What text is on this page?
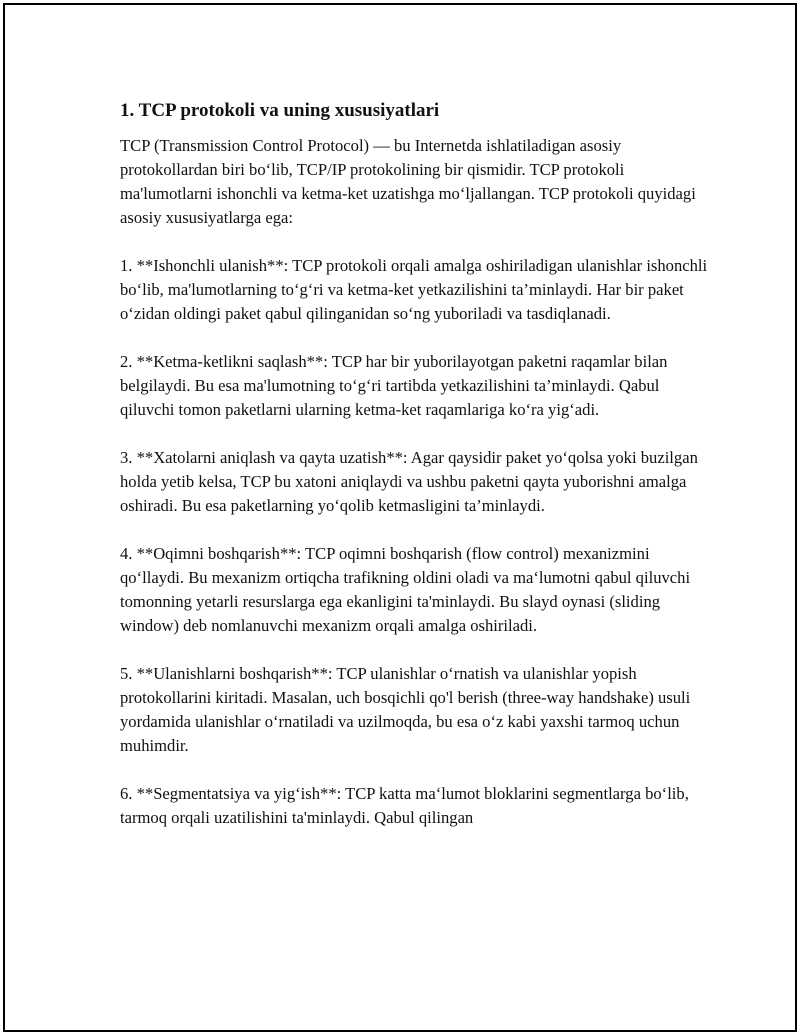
1. TCP protokoli va uning xususiyatlari

TCP (Transmission Control Protocol) — bu Internetda ishlatiladigan asosiy protokollardan biri bo‘lib, TCP/IP protokolining bir qismidir. TCP protokoli ma'lumotlarni ishonchli va ketma-ket uzatishga mo‘ljallangan. TCP protokoli quyidagi asosiy xususiyatlarga ega:

1. **Ishonchli ulanish**: TCP protokoli orqali amalga oshiriladigan ulanishlar ishonchli bo‘lib, ma'lumotlarning to‘g‘ri va ketma-ket yetkazilishini ta’minlaydi. Har bir paket o‘zidan oldingi paket qabul qilinganidan so‘ng yuboriladi va tasdiqlanadi.

2. **Ketma-ketlikni saqlash**: TCP har bir yuborilayotgan paketni raqamlar bilan belgilaydi. Bu esa ma'lumotning to‘g‘ri tartibda yetkazilishini ta’minlaydi. Qabul qiluvchi tomon paketlarni ularning ketma-ket raqamlariga ko‘ra yig‘adi.

3. **Xatolarni aniqlash va qayta uzatish**: Agar qaysidir paket yo‘qolsa yoki buzilgan holda yetib kelsa, TCP bu xatoni aniqlaydi va ushbu paketni qayta yuborishni amalga oshiradi. Bu esa paketlarning yo‘qolib ketmasligini ta’minlaydi.

4. **Oqimni boshqarish**: TCP oqimni boshqarish (flow control) mexanizmini qo‘llaydi. Bu mexanizm ortiqcha trafikning oldini oladi va ma‘lumotni qabul qiluvchi tomonning yetarli resurslarga ega ekanligini ta'minlaydi. Bu slayd oynasi (sliding window) deb nomlanuvchi mexanizm orqali amalga oshiriladi.

5. **Ulanishlarni boshqarish**: TCP ulanishlar o‘rnatish va ulanishlar yopish protokollarini kiritadi. Masalan, uch bosqichli qo'l berish (three-way handshake) usuli yordamida ulanishlar o‘rnatiladi va uzilmoqda, bu esa o‘z kabi yaxshi tarmoq uchun muhimdir.

6. **Segmentatsiya va yig‘ish**: TCP katta ma‘lumot bloklarini segmentlarga bo‘lib, tarmoq orqali uzatilishini ta'minlaydi. Qabul qilingan
